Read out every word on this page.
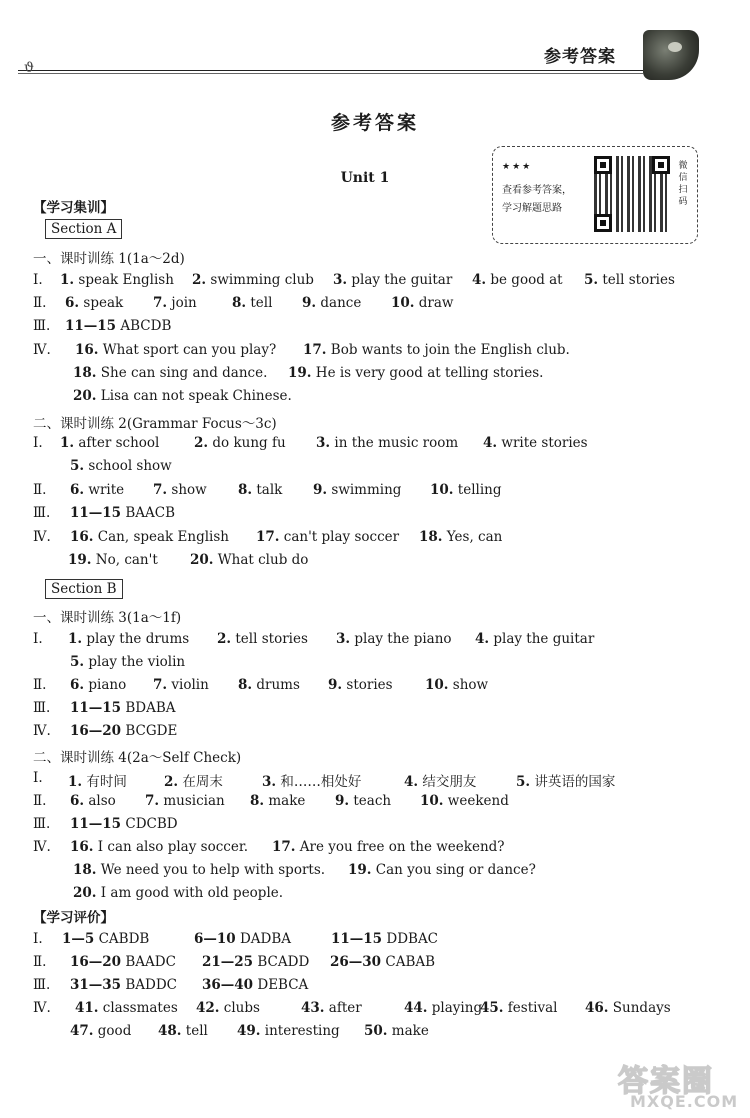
参考答案
ϑ
参考答案
Unit 1
★★★
查看参考答案，
学习解题思路
微信扫码
【学习集训】
Section A
一、课时训练 1(1a～2d)
二、课时训练 2(Grammar Focus～3c)
Section B
一、课时训练 3(1a～1f)
二、课时训练 4(2a～Self Check)
【学习评价】
Ⅰ. 1. speak English 2. swimming club 3. play the guitar 4. be good at 5. tell stories
Ⅱ. 6. speak 7. join	8. tell 9. dance 10. draw
Ⅲ. 11—15 ABCDB
Ⅳ. 16. What sport can you play? 17. Bob wants to join the English club.
18. She can sing and dance. 19. He is very good at telling stories.
20. Lisa can not speak Chinese.
Ⅰ. 1. after school	2. do kung fu 3. in the music room 4. write stories
5. school show
Ⅱ. 6. write 7. show 8. talk 9. swimming 10. telling
Ⅲ. 11—15 BAACB
Ⅳ. 16. Can, speak English 17. can't play soccer 18. Yes, can
19. No, can't 20. What club do
Ⅰ. 1. play the drums 2. tell stories 3. play the piano 4. play the guitar
5. play the violin
Ⅱ. 6. piano 7. violin 8. drums 9. stories 10. show
Ⅲ. 11—15 BDABA
Ⅳ. 16—20 BCGDE
Ⅰ. 1. 有时间	2. 在周末	3. 和……相处好	4. 结交朋友	5. 讲英语的国家
Ⅱ. 6. also 7. musician 8. make 9. teach 10. weekend
Ⅲ. 11—15 CDCBD
Ⅳ. 16. I can also play soccer. 17. Are you free on the weekend?
18. We need you to help with sports. 19. Can you sing or dance?
20. I am good with old people.
Ⅰ. 1—5 CABDB	6—10 DADBA	11—15 DDBAC
Ⅱ. 16—20 BAADC 21—25 BCADD 26—30 CABAB
Ⅲ. 31—35 BADDC 36—40 DEBCA
Ⅳ. 41. classmates 42. clubs	43. after	44. playing
45. festival 46. Sundays
47. good 48. tell 49. interesting 50. make
答案圈
MXQE.COM
